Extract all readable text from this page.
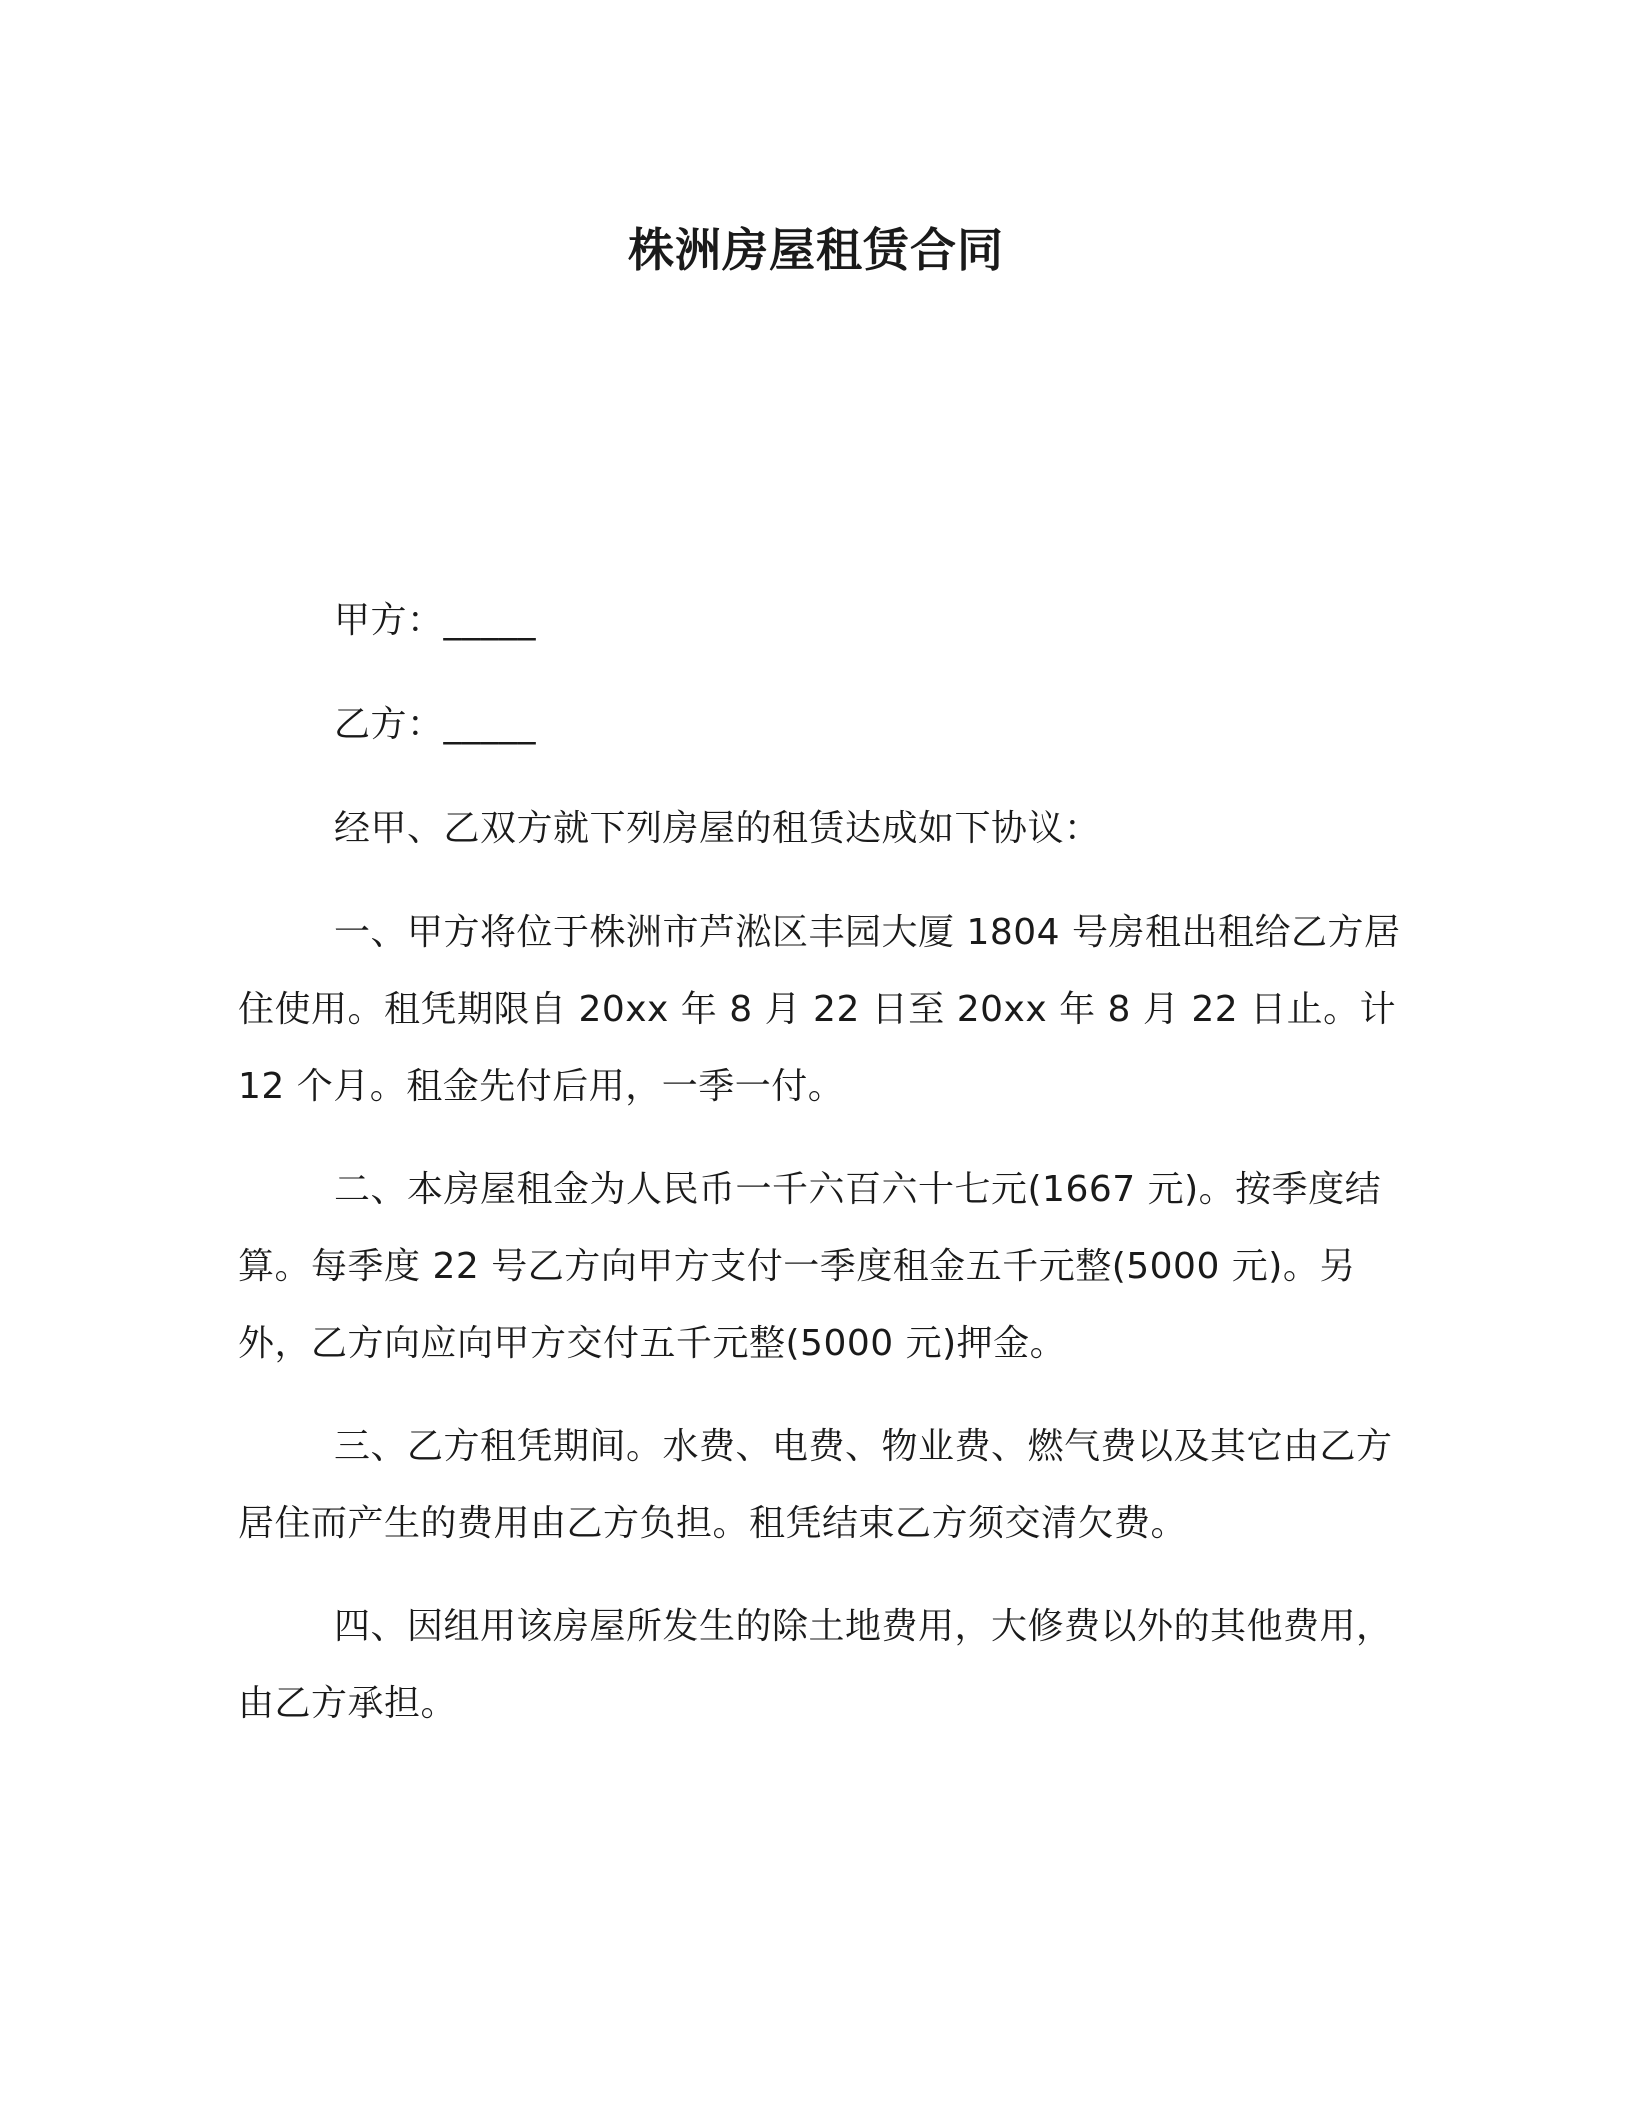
株洲房屋租赁合同

甲方：_____

乙方：_____

经甲、乙双方就下列房屋的租赁达成如下协议：

一、甲方将位于株洲市芦淞区丰园大厦 1804 号房租出租给乙方居住使用。租凭期限自 20xx 年 8 月 22 日至 20xx 年 8 月 22 日止。计 12 个月。租金先付后用，一季一付。

二、本房屋租金为人民币一千六百六十七元(1667 元)。按季度结算。每季度 22 号乙方向甲方支付一季度租金五千元整(5000 元)。另外，乙方向应向甲方交付五千元整(5000 元)押金。

三、乙方租凭期间。水费、电费、物业费、燃气费以及其它由乙方居住而产生的费用由乙方负担。租凭结束乙方须交清欠费。

四、因组用该房屋所发生的除土地费用，大修费以外的其他费用，由乙方承担。
